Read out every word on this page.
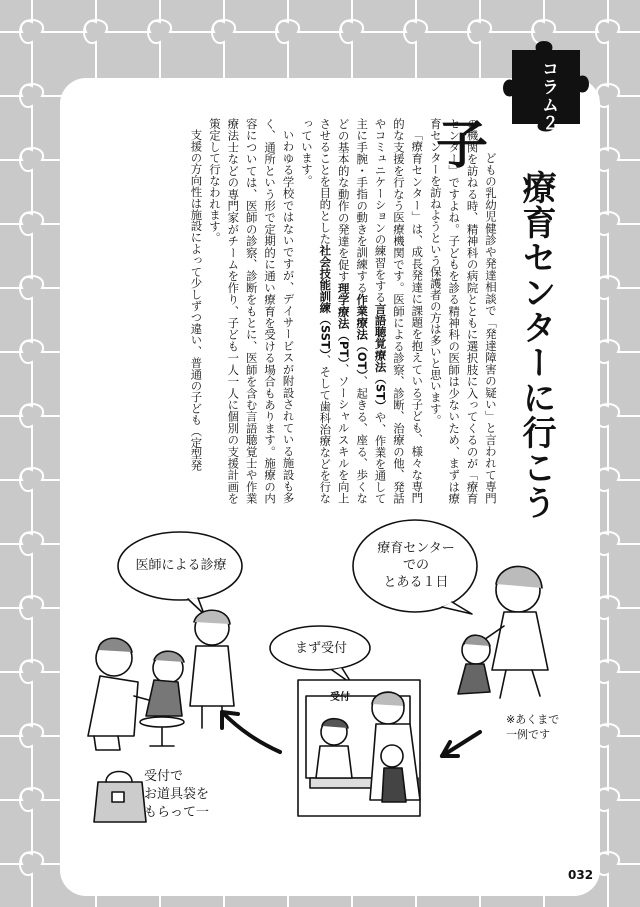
コラム２
療育センターに行こう
子

どもの乳幼児健診や発達相談で「発達障害の疑い」と言われて専門の機関を訪ねる時、精神科の病院とともに選択肢に入ってくるのが「療育センター」ですよね。子どもを診る精神科の医師は少ないため、まずは療育センターを訪ねようという保護者の方は多いと思います。

「療育センター」は、成長発達に課題を抱えている子ども、様々な専門的な支援を行なう医療機関です。医師による診察、診断、治療の他、発話やコミュニケーションの練習をする言語聴覚療法（ST）や、作業を通して主に手腕・手指の動きを訓練する作業療法（OT）、起きる、座る、歩くなどの基本的な動作の発達を促す理学療法（PT）、ソーシャルスキルを向上させることを目的とした社会技能訓練（SST）、そして歯科治療などを行なっています。

いわゆる学校ではないですが、デイサービスが附設されている施設も多く、通所という形で定期的に通い療育を受ける場合もあります。施療の内容については、医師の診察、診断をもとに、医師を含む言語聴覚士や作業療法士などの専門家がチームを作り、子ども一人一人に個別の支援計画を策定して行なわれます。

支援の方向性は施設によって少しずつ違い、普通の子ども（定型発

医師による診療
療育センター
での
とある１日
まず受付
受付
※あくまで
一例です
受付で
お道具袋を
もらって一
032
